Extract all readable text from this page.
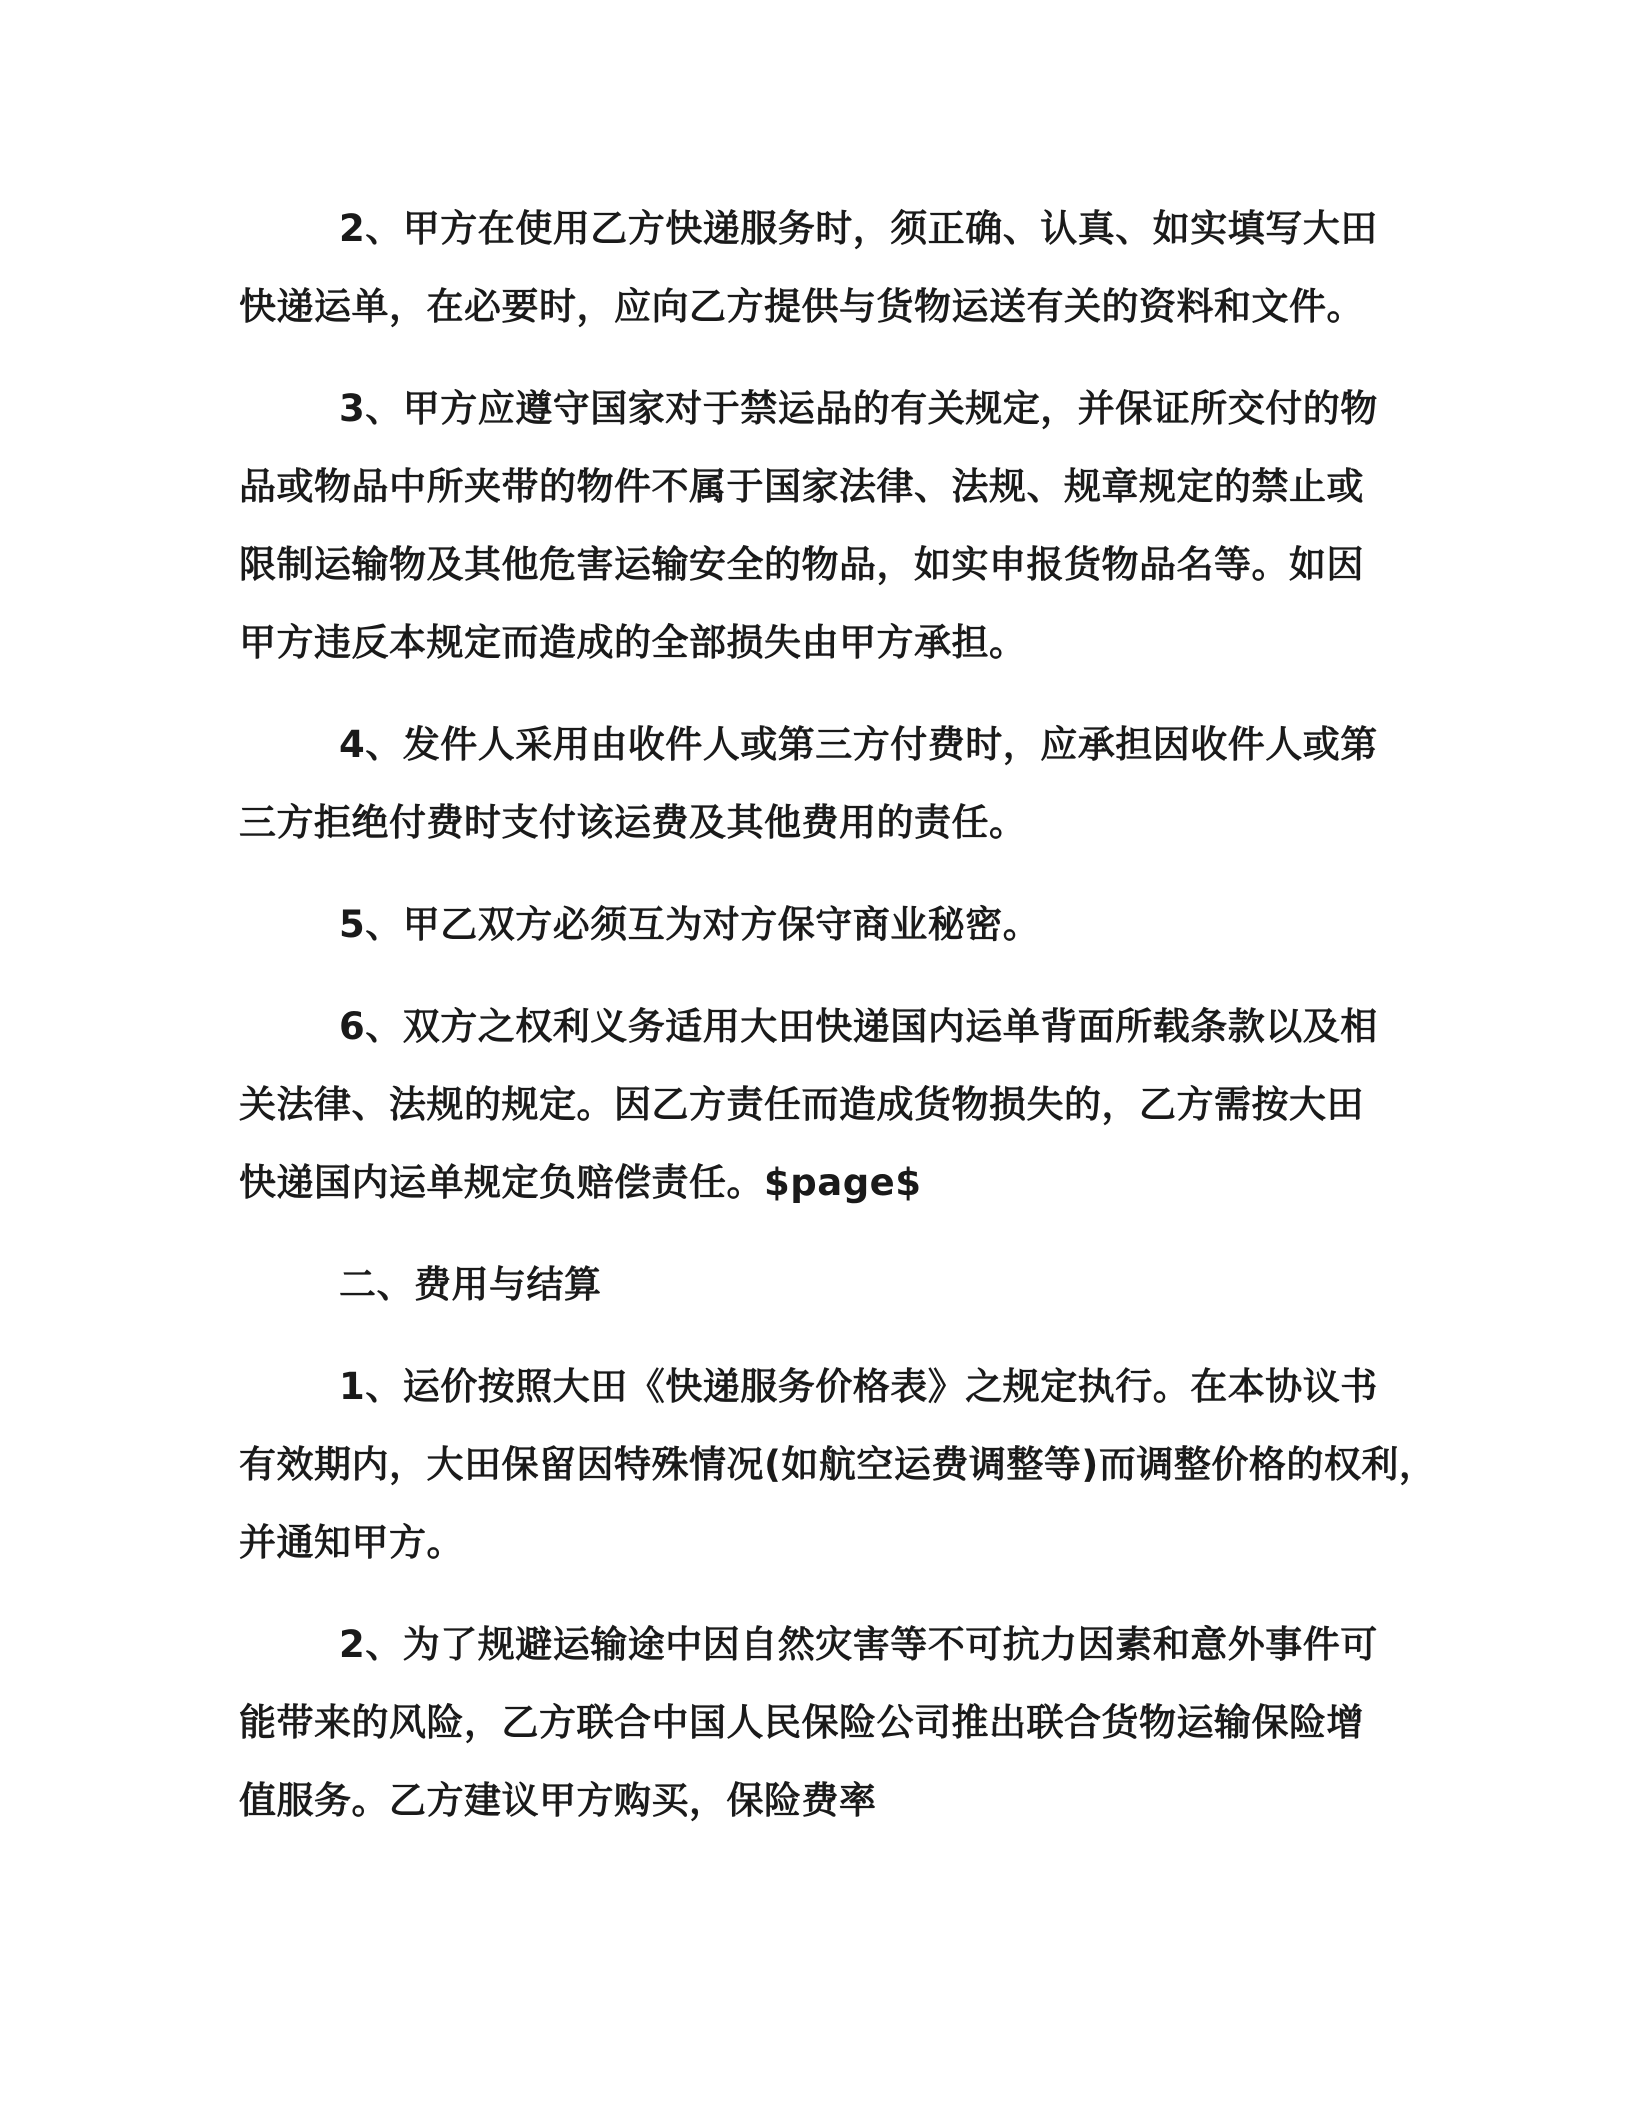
2、甲方在使用乙方快递服务时，须正确、认真、如实填写大田
快递运单，在必要时，应向乙方提供与货物运送有关的资料和文件。
3、甲方应遵守国家对于禁运品的有关规定，并保证所交付的物
品或物品中所夹带的物件不属于国家法律、法规、规章规定的禁止或
限制运输物及其他危害运输安全的物品，如实申报货物品名等。如因
甲方违反本规定而造成的全部损失由甲方承担。
4、发件人采用由收件人或第三方付费时，应承担因收件人或第
三方拒绝付费时支付该运费及其他费用的责任。
5、甲乙双方必须互为对方保守商业秘密。
6、双方之权利义务适用大田快递国内运单背面所载条款以及相
关法律、法规的规定。因乙方责任而造成货物损失的，乙方需按大田
快递国内运单规定负赔偿责任。$page$
二、费用与结算
1、运价按照大田《快递服务价格表》之规定执行。在本协议书
有效期内，大田保留因特殊情况(如航空运费调整等)而调整价格的权利，
并通知甲方。
2、为了规避运输途中因自然灾害等不可抗力因素和意外事件可
能带来的风险，乙方联合中国人民保险公司推出联合货物运输保险增
值服务。乙方建议甲方购买，保险费率
